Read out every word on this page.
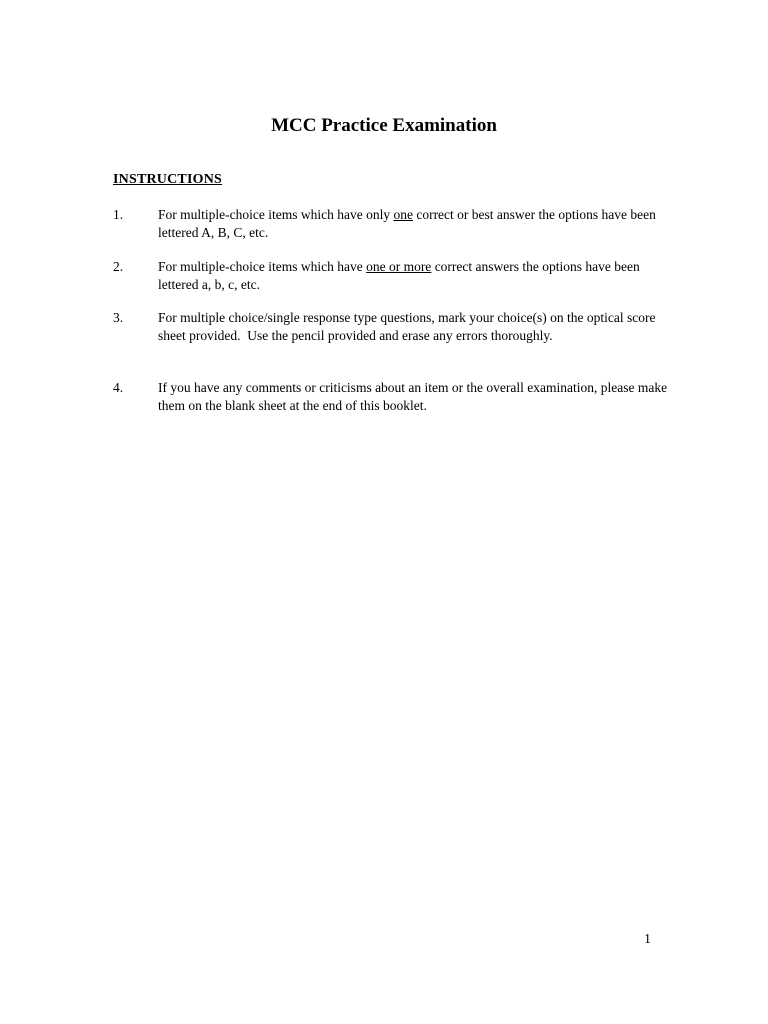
MCC Practice Examination
INSTRUCTIONS
1.	For multiple-choice items which have only one correct or best answer the options have been lettered A, B, C, etc.
2.	For multiple-choice items which have one or more correct answers the options have been lettered a, b, c, etc.
3.	For multiple choice/single response type questions, mark your choice(s) on the optical score sheet provided.  Use the pencil provided and erase any errors thoroughly.
4.	If you have any comments or criticisms about an item or the overall examination, please make them on the blank sheet at the end of this booklet.
1
